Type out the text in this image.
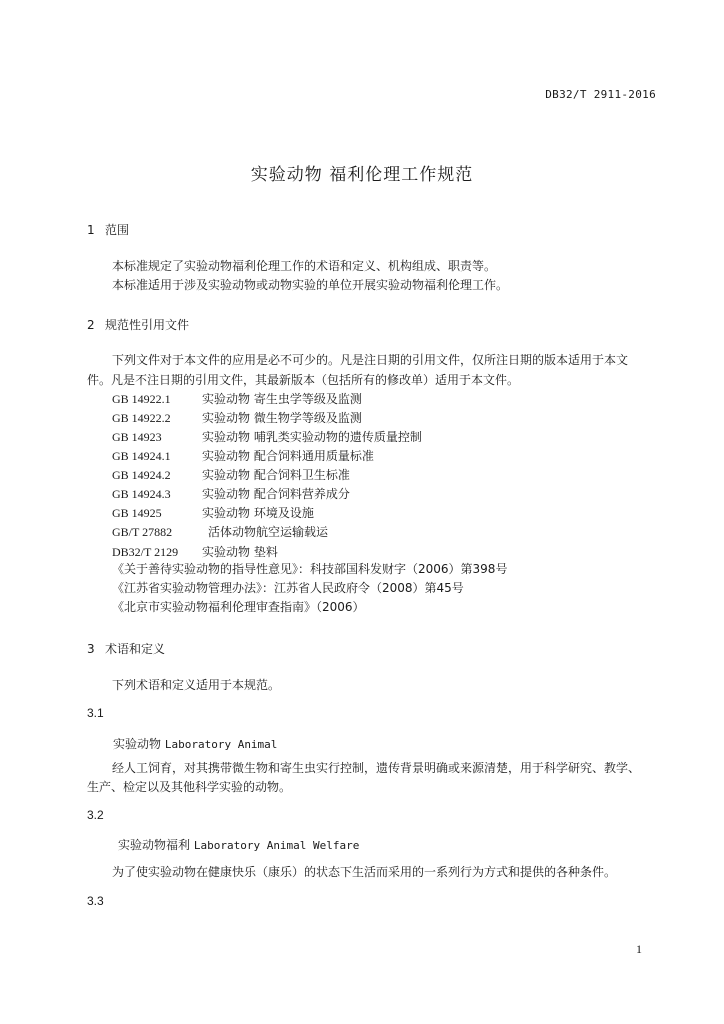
DB32/T 2911-2016
实验动物 福利伦理工作规范
1 范围
本标准规定了实验动物福利伦理工作的术语和定义、机构组成、职责等。
本标准适用于涉及实验动物或动物实验的单位开展实验动物福利伦理工作。
2 规范性引用文件
下列文件对于本文件的应用是必不可少的。凡是注日期的引用文件，仅所注日期的版本适用于本文
件。凡是不注日期的引用文件，其最新版本（包括所有的修改单）适用于本文件。
GB 14922.1	实验动物 寄生虫学等级及监测
GB 14922.2	实验动物 微生物学等级及监测
GB 14923	实验动物 哺乳类实验动物的遗传质量控制
GB 14924.1	实验动物 配合饲料通用质量标准
GB 14924.2	实验动物 配合饲料卫生标准
GB 14924.3	实验动物 配合饲料营养成分
GB 14925	实验动物 环境及设施
GB/T 27882	活体动物航空运输载运
DB32/T 2129 实验动物 垫料
《关于善待实验动物的指导性意见》：科技部国科发财字（2006）第398号
《江苏省实验动物管理办法》：江苏省人民政府令（2008）第45号
《北京市实验动物福利伦理审查指南》（2006）
3 术语和定义
下列术语和定义适用于本规范。
3.1
实验动物 Laboratory Animal
经人工饲育，对其携带微生物和寄生虫实行控制，遗传背景明确或来源清楚，用于科学研究、教学、
生产、检定以及其他科学实验的动物。
3.2
实验动物福利 Laboratory Animal Welfare
为了使实验动物在健康快乐（康乐）的状态下生活而采用的一系列行为方式和提供的各种条件。
3.3
1
